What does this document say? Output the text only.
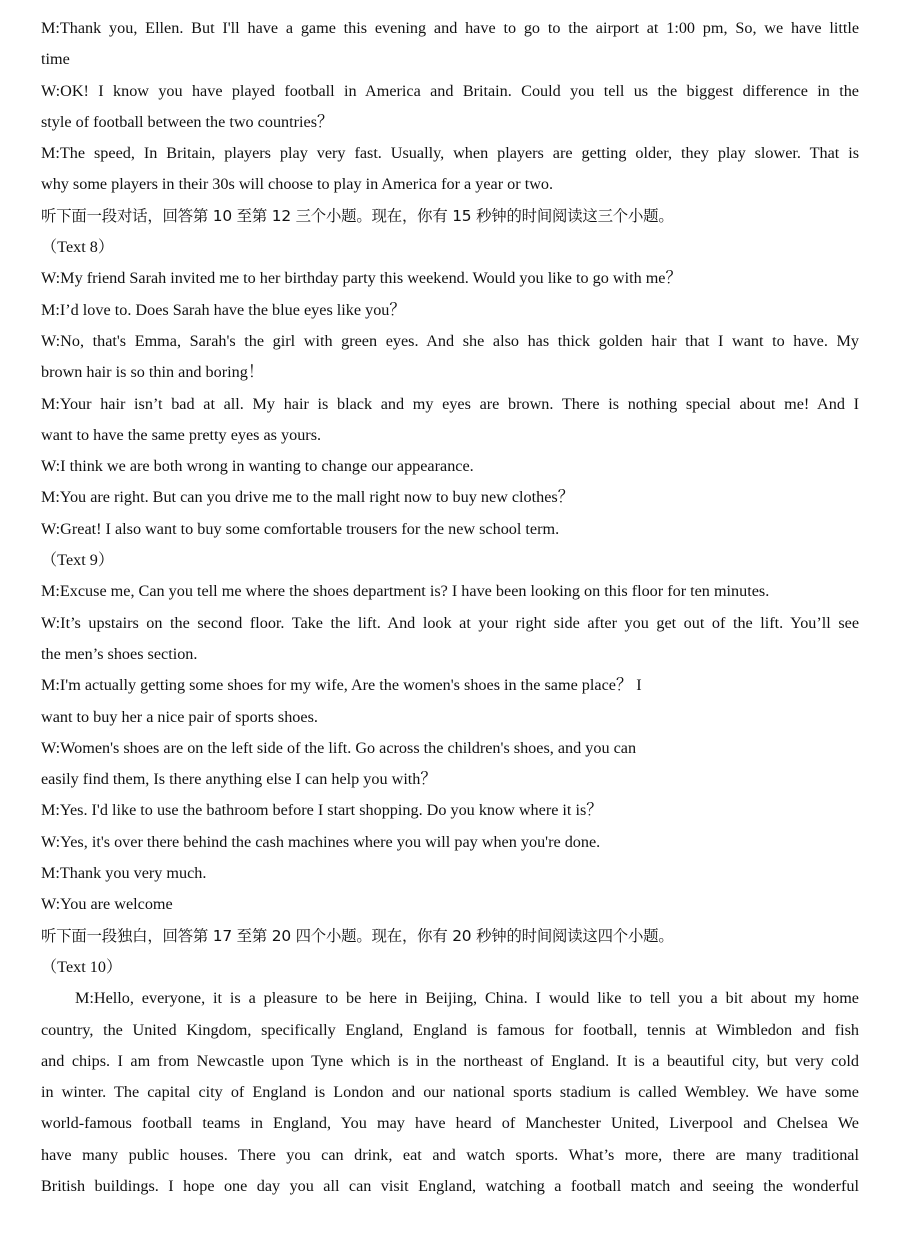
M:Thank you, Ellen. But I'll have a game this evening and have to go to the airport at 1:00 pm, So, we have little
time
W:OK! I know you have played football in America and Britain. Could you tell us the biggest difference in the
style of football between the two countries？
M:The speed, In Britain, players play very fast. Usually, when players are getting older, they play slower. That is
why some players in their 30s will choose to play in America for a year or two.
听下面一段对话，回答第 10 至第 12 三个小题。现在，你有 15 秒钟的时间阅读这三个小题。
（Text 8）
W:My friend Sarah invited me to her birthday party this weekend. Would you like to go with me？
M:I’d love to. Does Sarah have the blue eyes like you？
W:No, that's Emma, Sarah's the girl with green eyes. And she also has thick golden hair that I want to have. My
brown hair is so thin and boring！
M:Your hair isn’t bad at all. My hair is black and my eyes are brown. There is nothing special about me! And I
want to have the same pretty eyes as yours.
W:I think we are both wrong in wanting to change our appearance.
M:You are right. But can you drive me to the mall right now to buy new clothes？
W:Great! I also want to buy some comfortable trousers for the new school term.
（Text 9）
M:Excuse me, Can you tell me where the shoes department is? I have been looking on this floor for ten minutes.
W:It’s upstairs on the second floor. Take the lift. And look at your right side after you get out of the lift. You’ll see
the men’s shoes section.
M:I'm actually getting some shoes for my wife, Are the women's shoes in the same place？ I
want to buy her a nice pair of sports shoes.
W:Women's shoes are on the left side of the lift. Go across the children's shoes, and you can
easily find them, Is there anything else I can help you with？
M:Yes. I'd like to use the bathroom before I start shopping. Do you know where it is？
W:Yes, it's over there behind the cash machines where you will pay when you're done.
M:Thank you very much.
W:You are welcome
听下面一段独白，回答第 17 至第 20 四个小题。现在，你有 20 秒钟的时间阅读这四个小题。
（Text 10）
M:Hello, everyone, it is a pleasure to be here in Beijing, China. I would like to tell you a bit about my home
country, the United Kingdom, specifically England, England is famous for football, tennis at Wimbledon and fish
and chips. I am from Newcastle upon Tyne which is in the northeast of England. It is a beautiful city, but very cold
in winter. The capital city of England is London and our national sports stadium is called Wembley. We have some
world-famous football teams in England, You may have heard of Manchester United, Liverpool and Chelsea We
have many public houses. There you can drink, eat and watch sports. What’s more, there are many traditional
British buildings. I hope one day you all can visit England, watching a football match and seeing the wonderful
